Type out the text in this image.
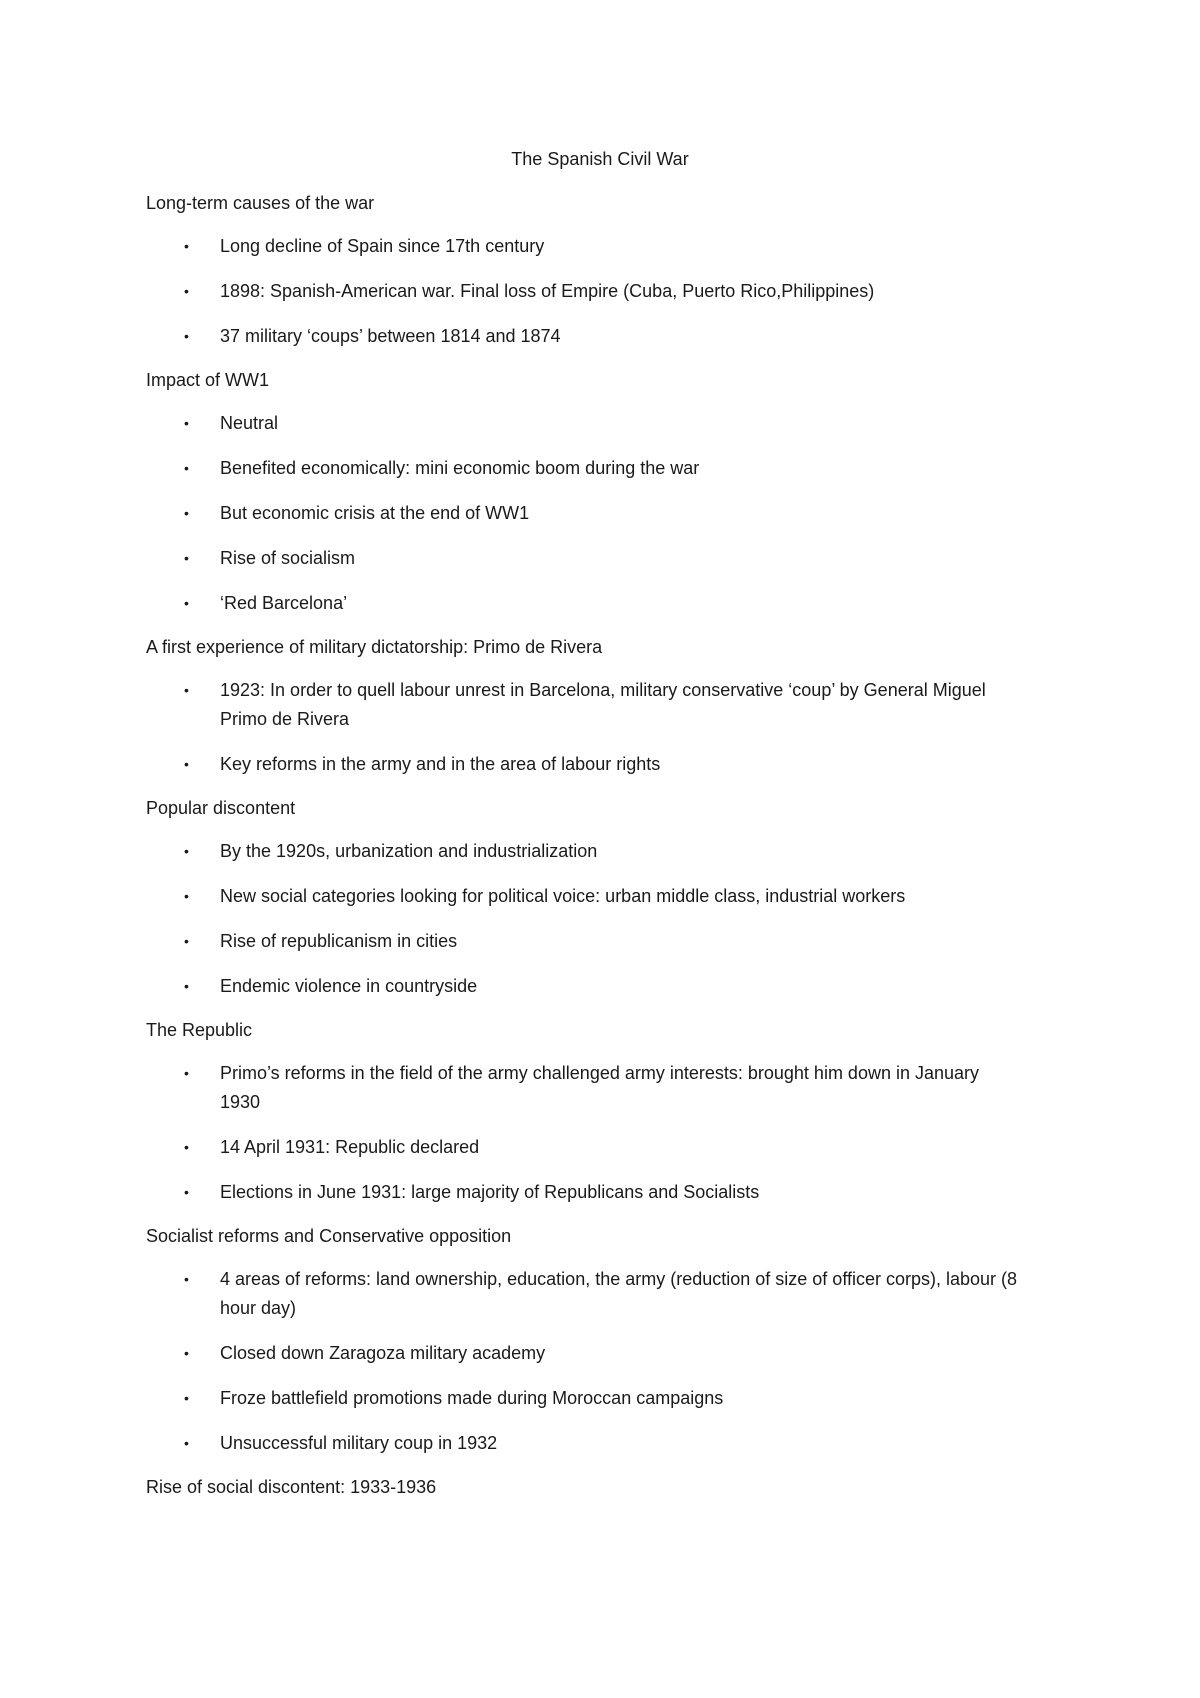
The Spanish Civil War
Long-term causes of the war
• Long decline of Spain since 17th century
• 1898: Spanish-American war. Final loss of Empire (Cuba, Puerto Rico,Philippines)
• 37 military ‘coups’ between 1814 and 1874
Impact of WW1
• Neutral
• Benefited economically: mini economic boom during the war
• But economic crisis at the end of WW1
• Rise of socialism
• ‘Red Barcelona’
A first experience of military dictatorship: Primo de Rivera
• 1923: In order to quell labour unrest in Barcelona, military conservative ‘coup’ by General Miguel Primo de Rivera
• Key reforms in the army and in the area of labour rights
Popular discontent
• By the 1920s, urbanization and industrialization
• New social categories looking for political voice: urban middle class, industrial workers
• Rise of republicanism in cities
• Endemic violence in countryside
The Republic
• Primo’s reforms in the field of the army challenged army interests: brought him down in January 1930
• 14 April 1931: Republic declared
• Elections in June 1931: large majority of Republicans and Socialists
Socialist reforms and Conservative opposition
• 4 areas of reforms: land ownership, education, the army (reduction of size of officer corps), labour (8 hour day)
• Closed down Zaragoza military academy
• Froze battlefield promotions made during Moroccan campaigns
• Unsuccessful military coup in 1932
Rise of social discontent: 1933-1936
